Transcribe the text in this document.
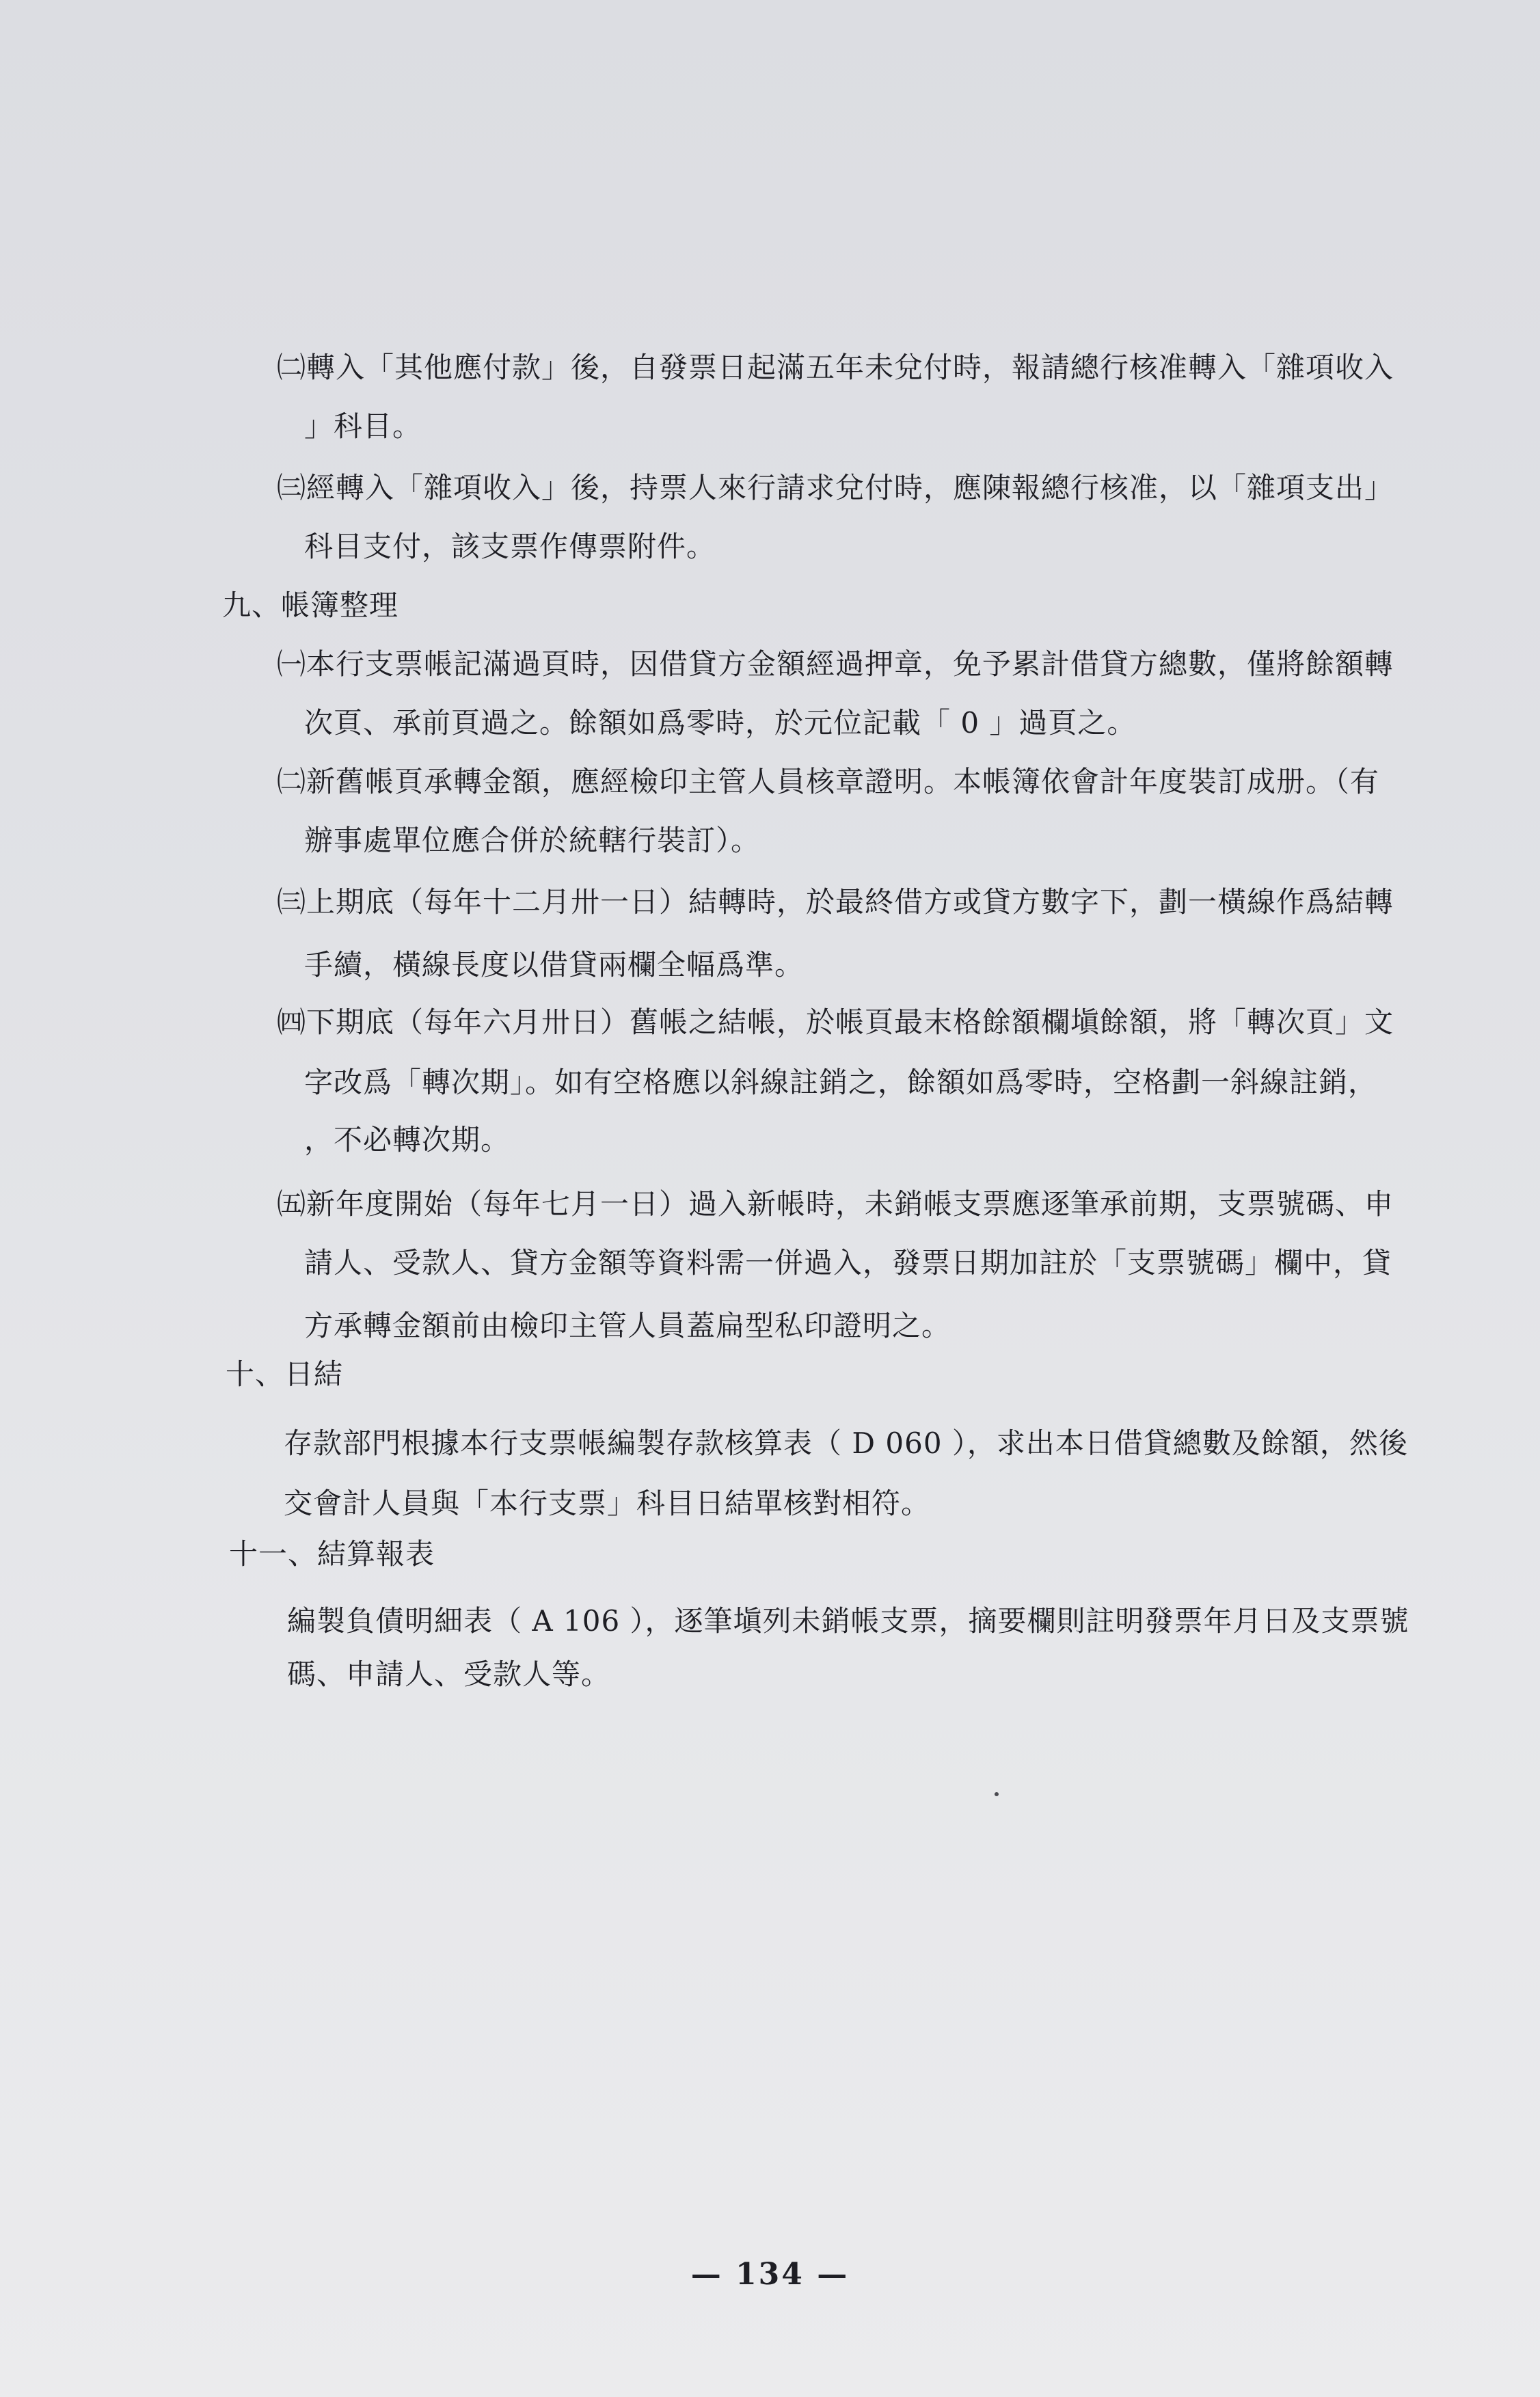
㈡轉入「其他應付款」後，自發票日起滿五年未兌付時，報請總行核准轉入「雜項收入
」科目。
㈢經轉入「雜項收入」後，持票人來行請求兌付時，應陳報總行核准，以「雜項支出」
科目支付，該支票作傳票附件。
九、帳簿整理
㈠本行支票帳記滿過頁時，因借貸方金額經過押章，免予累計借貸方總數，僅將餘額轉
次頁、承前頁過之。餘額如爲零時，於元位記載「 0 」過頁之。
㈡新舊帳頁承轉金額，應經檢印主管人員核章證明。本帳簿依會計年度裝訂成册。（有
辦事處單位應合併於統轄行裝訂）。
㈢上期底（每年十二月卅一日）結轉時，於最終借方或貸方數字下，劃一橫線作爲結轉
手續，橫線長度以借貸兩欄全幅爲準。
㈣下期底（每年六月卅日）舊帳之結帳，於帳頁最末格餘額欄塡餘額，將「轉次頁」文
字改爲「轉次期」。如有空格應以斜線註銷之，餘額如爲零時，空格劃一斜線註銷，
，不必轉次期。
㈤新年度開始（每年七月一日）過入新帳時，未銷帳支票應逐筆承前期，支票號碼、申
請人、受款人、貸方金額等資料需一併過入，發票日期加註於「支票號碼」欄中，貸
方承轉金額前由檢印主管人員蓋扁型私印證明之。
十、日結
存款部門根據本行支票帳編製存款核算表（ D 060 ），求出本日借貸總數及餘額，然後
交會計人員與「本行支票」科目日結單核對相符。
十一、結算報表
編製負債明細表（ A 106 ），逐筆塡列未銷帳支票，摘要欄則註明發票年月日及支票號
碼、申請人、受款人等。
— 134 —
